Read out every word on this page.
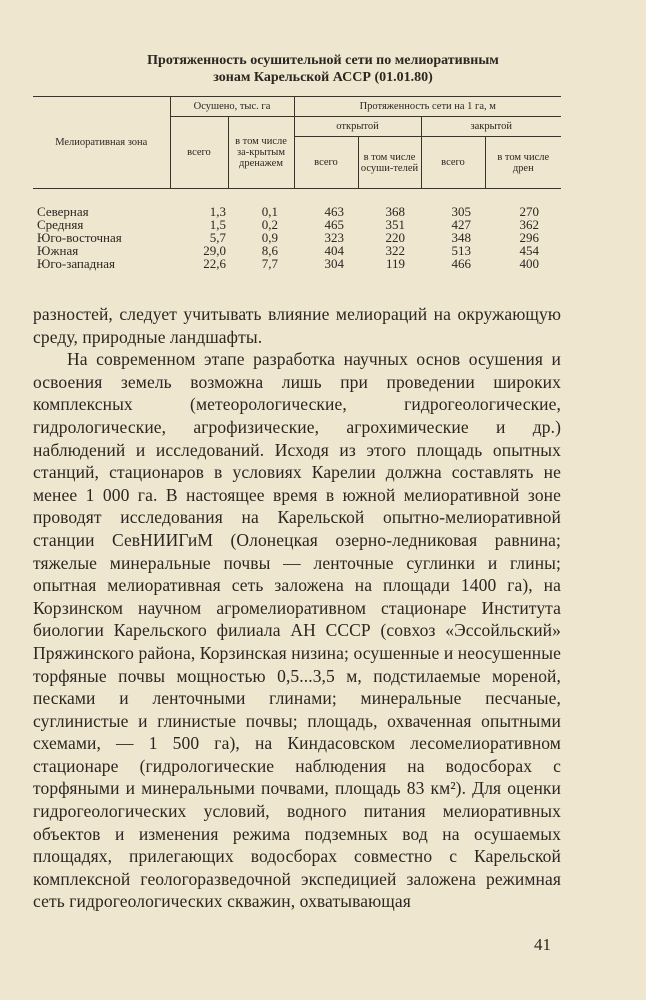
Протяженность осушительной сети по мелиоративным
зонам Карельской АССР (01.01.80)
Мелиоративная зона	Осушено, тыс. га		Протяженность сети на 1 га, м			
	всего	в том числе за-крытым дренажем	открытой		закрытой	
			всего	в том числе осуши-телей	всего	в том числе дрен

Северная	1,3	0,1	463	368	305	270
Средняя	1,5	0,2	465	351	427	362
Юго-восточная	5,7	0,9	323	220	348	296
Южная	29,0	8,6	404	322	513	454
Юго-западная	22,6	7,7	304	119	466	400

разностей, следует учитывать влияние мелиораций на окружающую среду, природные ландшафты.

На современном этапе разработка научных основ осушения и освоения земель возможна лишь при проведении широких комплексных (метеорологические, гидрогеологические, гидрологические, агрофизические, агрохимические и др.) наблюдений и исследований. Исходя из этого площадь опытных станций, стационаров в условиях Карелии должна составлять не менее 1 000 га. В настоящее время в южной мелиоративной зоне проводят исследования на Карельской опытно-мелиоративной станции СевНИИГиМ (Олонецкая озерно-ледниковая равнина; тяжелые минеральные почвы — ленточные суглинки и глины; опытная мелиоративная сеть заложена на площади 1400 га), на Корзинском научном агромелиоративном стационаре Института биологии Карельского филиала АН СССР (совхоз «Эссойльский» Пряжинского района, Корзинская низина; осушенные и неосушенные торфяные почвы мощностью 0,5...3,5 м, подстилаемые мореной, песками и ленточными глинами; минеральные песчаные, суглинистые и глинистые почвы; площадь, охваченная опытными схемами, — 1 500 га), на Киндасовском лесомелиоративном стационаре (гидрологические наблюдения на водосборах с торфяными и минеральными почвами, площадь 83 км²). Для оценки гидрогеологических условий, водного питания мелиоративных объектов и изменения режима подземных вод на осушаемых площадях, прилегающих водосборах совместно с Карельской комплексной геологоразведочной экспедицией заложена режимная сеть гидрогеологических скважин, охватывающая

41
